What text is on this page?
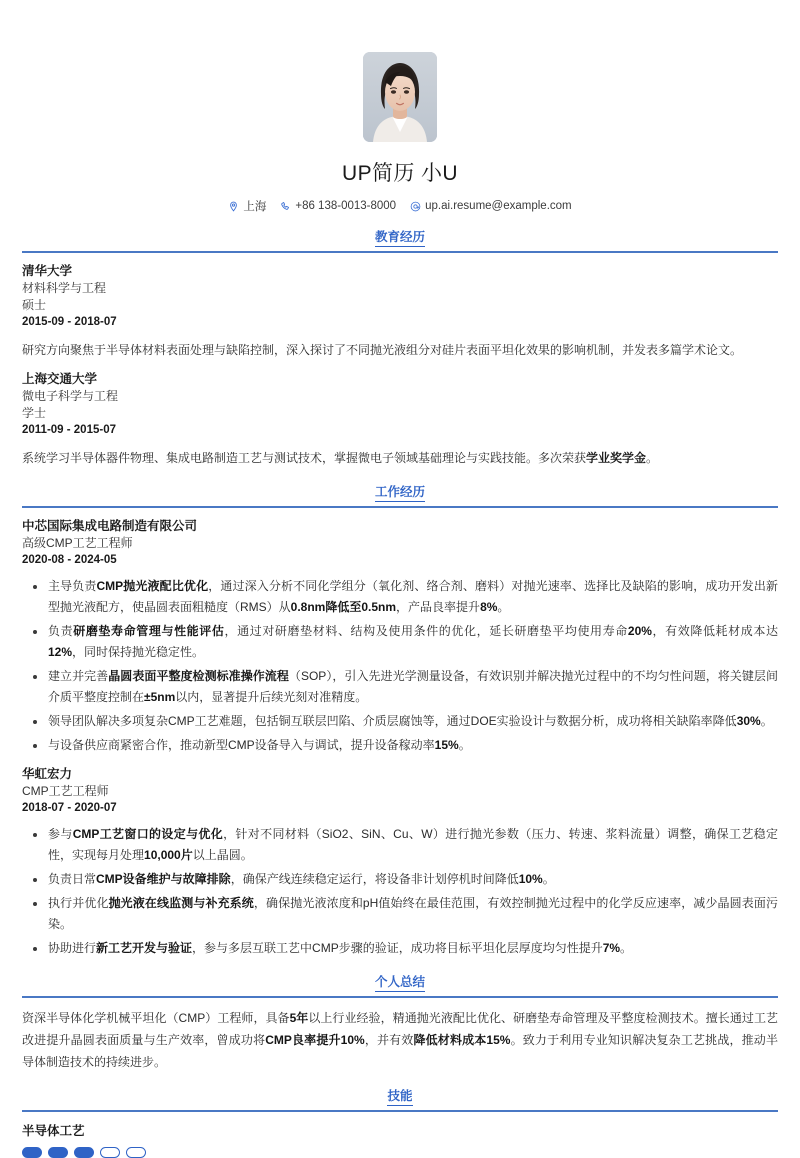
UP简历 小U
上海	+86 138-0013-8000	up.ai.resume@example.com
教育经历
清华大学
材料科学与工程
硕士
2015-09 - 2018-07
研究方向聚焦于半导体材料表面处理与缺陷控制，深入探讨了不同抛光液组分对硅片表面平坦化效果的影响机制，并发表多篇学术论文。
上海交通大学
微电子科学与工程
学士
2011-09 - 2015-07
系统学习半导体器件物理、集成电路制造工艺与测试技术，掌握微电子领域基础理论与实践技能。多次荣获学业奖学金。
工作经历
中芯国际集成电路制造有限公司
高级CMP工艺工程师
2020-08 - 2024-05
主导负责CMP抛光液配比优化，通过深入分析不同化学组分（氧化剂、络合剂、磨料）对抛光速率、选择比及缺陷的影响，成功开发出新型抛光液配方，使晶圆表面粗糙度（RMS）从0.8nm降低至0.5nm，产品良率提升8%。
负责研磨垫寿命管理与性能评估，通过对研磨垫材料、结构及使用条件的优化，延长研磨垫平均使用寿命20%，有效降低耗材成本达12%，同时保持抛光稳定性。
建立并完善晶圆表面平整度检测标准操作流程（SOP），引入先进光学测量设备，有效识别并解决抛光过程中的不均匀性问题，将关键层间介质平整度控制在±5nm以内，显著提升后续光刻对准精度。
领导团队解决多项复杂CMP工艺难题，包括铜互联层凹陷、介质层腐蚀等，通过DOE实验设计与数据分析，成功将相关缺陷率降低30%。
与设备供应商紧密合作，推动新型CMP设备导入与调试，提升设备稼动率15%。
华虹宏力
CMP工艺工程师
2018-07 - 2020-07
参与CMP工艺窗口的设定与优化，针对不同材料（SiO2、SiN、Cu、W）进行抛光参数（压力、转速、浆料流量）调整，确保工艺稳定性，实现每月处理10,000片以上晶圆。
负责日常CMP设备维护与故障排除，确保产线连续稳定运行，将设备非计划停机时间降低10%。
执行并优化抛光液在线监测与补充系统，确保抛光液浓度和pH值始终在最佳范围，有效控制抛光过程中的化学反应速率，减少晶圆表面污染。
协助进行新工艺开发与验证，参与多层互联工艺中CMP步骤的验证，成功将目标平坦化层厚度均匀性提升7%。
个人总结
资深半导体化学机械平坦化（CMP）工程师，具备5年以上行业经验，精通抛光液配比优化、研磨垫寿命管理及平整度检测技术。擅长通过工艺改进提升晶圆表面质量与生产效率，曾成功将CMP良率提升10%，并有效降低材料成本15%。致力于利用专业知识解决复杂工艺挑战，推动半导体制造技术的持续进步。
技能
半导体工艺
